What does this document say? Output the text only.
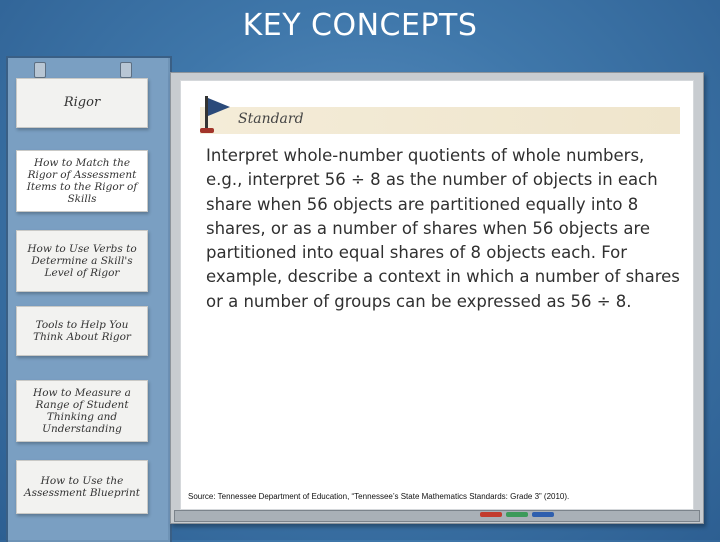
KEY CONCEPTS
Rigor
How to Match the Rigor of Assessment Items to the Rigor of Skills
How to Use Verbs to Determine a Skill's Level of Rigor
Tools to Help You Think About Rigor
How to Measure a Range of Student Thinking and Understanding
How to Use the Assessment Blueprint
Standard
Interpret whole-number quotients of whole numbers, e.g., interpret 56 ÷ 8 as the number of objects in each share when 56 objects are partitioned equally into 8 shares, or as a number of shares when 56 objects are partitioned into equal shares of 8 objects each. For example, describe a context in which a number of shares or a number of groups can be expressed as 56 ÷ 8.
Source: Tennessee Department of Education, “Tennessee’s State Mathematics Standards: Grade 3” (2010).
